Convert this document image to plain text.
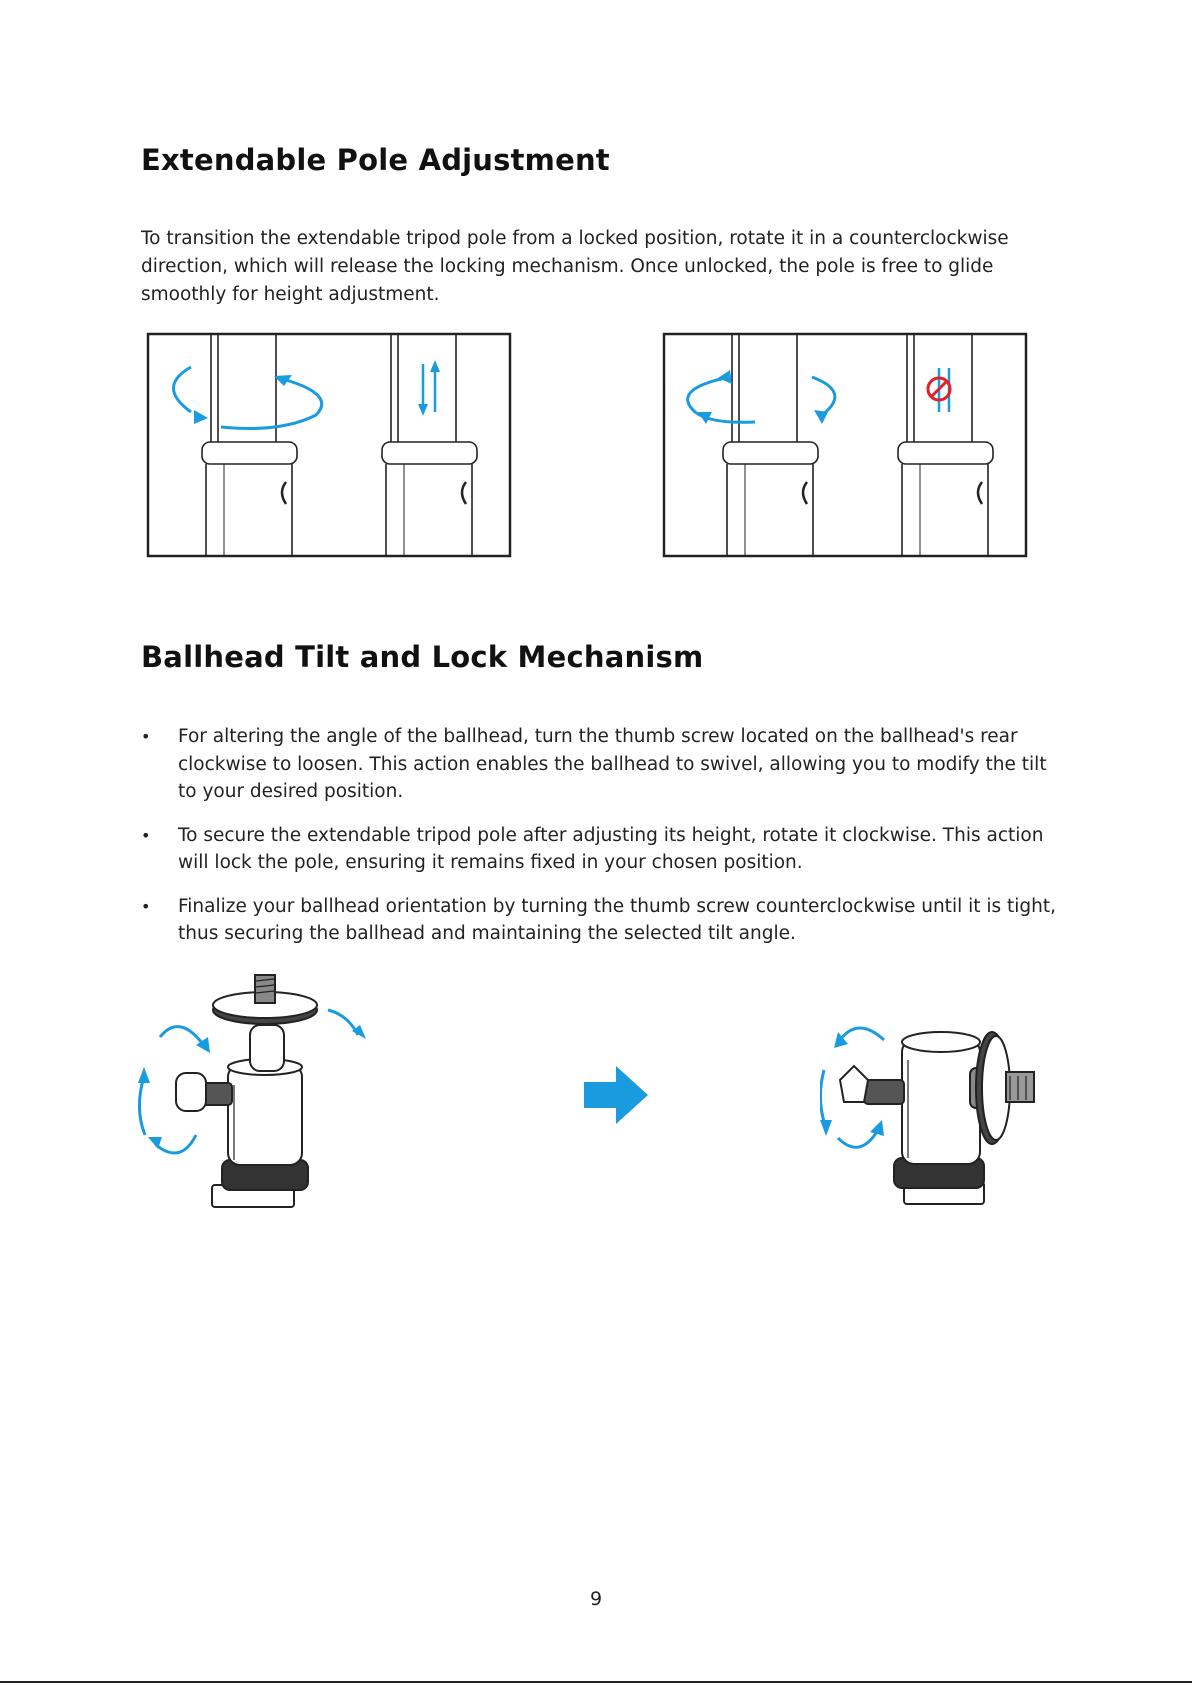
Extendable Pole Adjustment

To transition the extendable tripod pole from a locked position, rotate it in a counterclockwise direction, which will release the locking mechanism. Once unlocked, the pole is free to glide smoothly for height adjustment.

Ballhead Tilt and Lock Mechanism
• For altering the angle of the ballhead, turn the thumb screw located on the ballhead's rear clockwise to loosen. This action enables the ballhead to swivel, allowing you to modify the tilt to your desired position.
• To secure the extendable tripod pole after adjusting its height, rotate it clockwise. This action will lock the pole, ensuring it remains fixed in your chosen position.
• Finalize your ballhead orientation by turning the thumb screw counterclockwise until it is tight, thus securing the ballhead and maintaining the selected tilt angle.
9
